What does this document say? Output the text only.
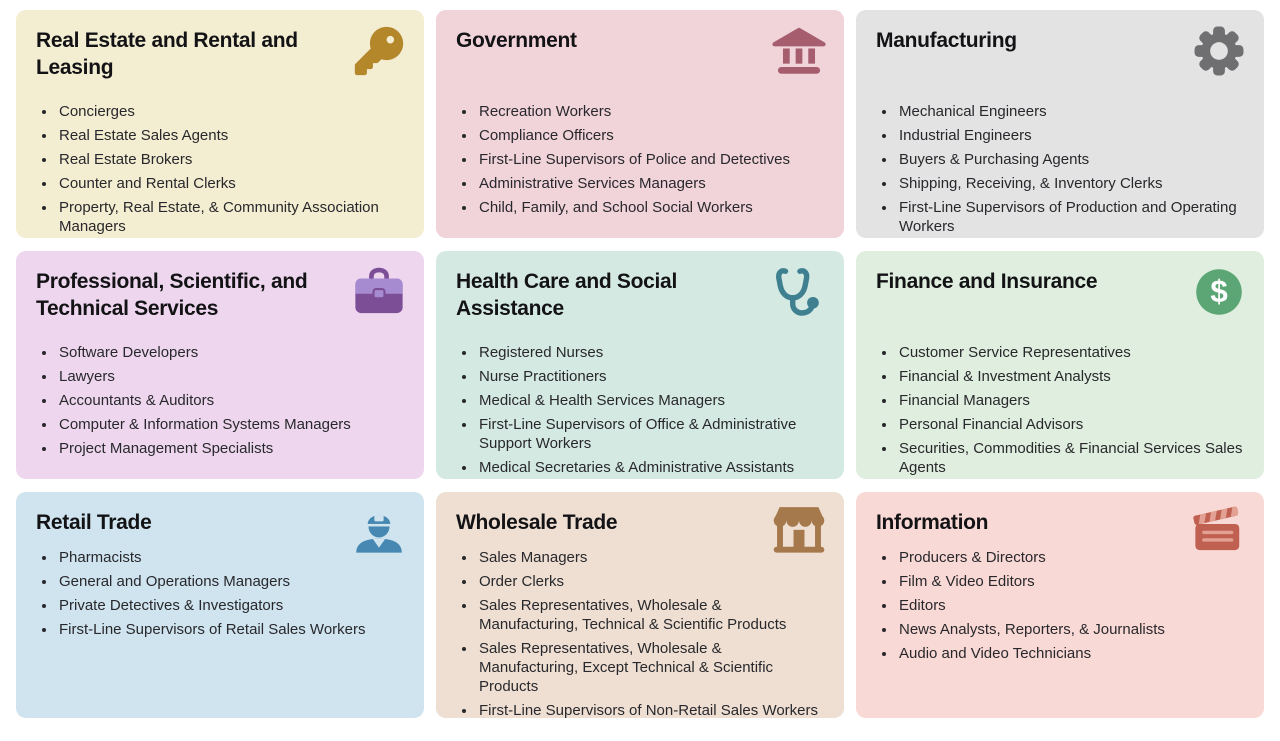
Real Estate and Rental and Leasing
• Concierges
• Real Estate Sales Agents
• Real Estate Brokers
• Counter and Rental Clerks
• Property, Real Estate, & Community Association Managers
Government
• Recreation Workers
• Compliance Officers
• First-Line Supervisors of Police and Detectives
• Administrative Services Managers
• Child, Family, and School Social Workers
Manufacturing
• Mechanical Engineers
• Industrial Engineers
• Buyers & Purchasing Agents
• Shipping, Receiving, & Inventory Clerks
• First-Line Supervisors of Production and Operating Workers
Professional, Scientific, and Technical Services
• Software Developers
• Lawyers
• Accountants & Auditors
• Computer & Information Systems Managers
• Project Management Specialists
Health Care and Social Assistance
• Registered Nurses
• Nurse Practitioners
• Medical & Health Services Managers
• First-Line Supervisors of Office & Administrative Support Workers
• Medical Secretaries & Administrative Assistants
Finance and Insurance	$
• Customer Service Representatives
• Financial & Investment Analysts
• Financial Managers
• Personal Financial Advisors
• Securities, Commodities & Financial Services Sales Agents
Retail Trade
• Pharmacists
• General and Operations Managers
• Private Detectives & Investigators
• First-Line Supervisors of Retail Sales Workers
Wholesale Trade
• Sales Managers
• Order Clerks
• Sales Representatives, Wholesale & Manufacturing, Technical & Scientific Products
• Sales Representatives, Wholesale & Manufacturing, Except Technical & Scientific Products
• First-Line Supervisors of Non-Retail Sales Workers
Information
• Producers & Directors
• Film & Video Editors
• Editors
• News Analysts, Reporters, & Journalists
• Audio and Video Technicians
